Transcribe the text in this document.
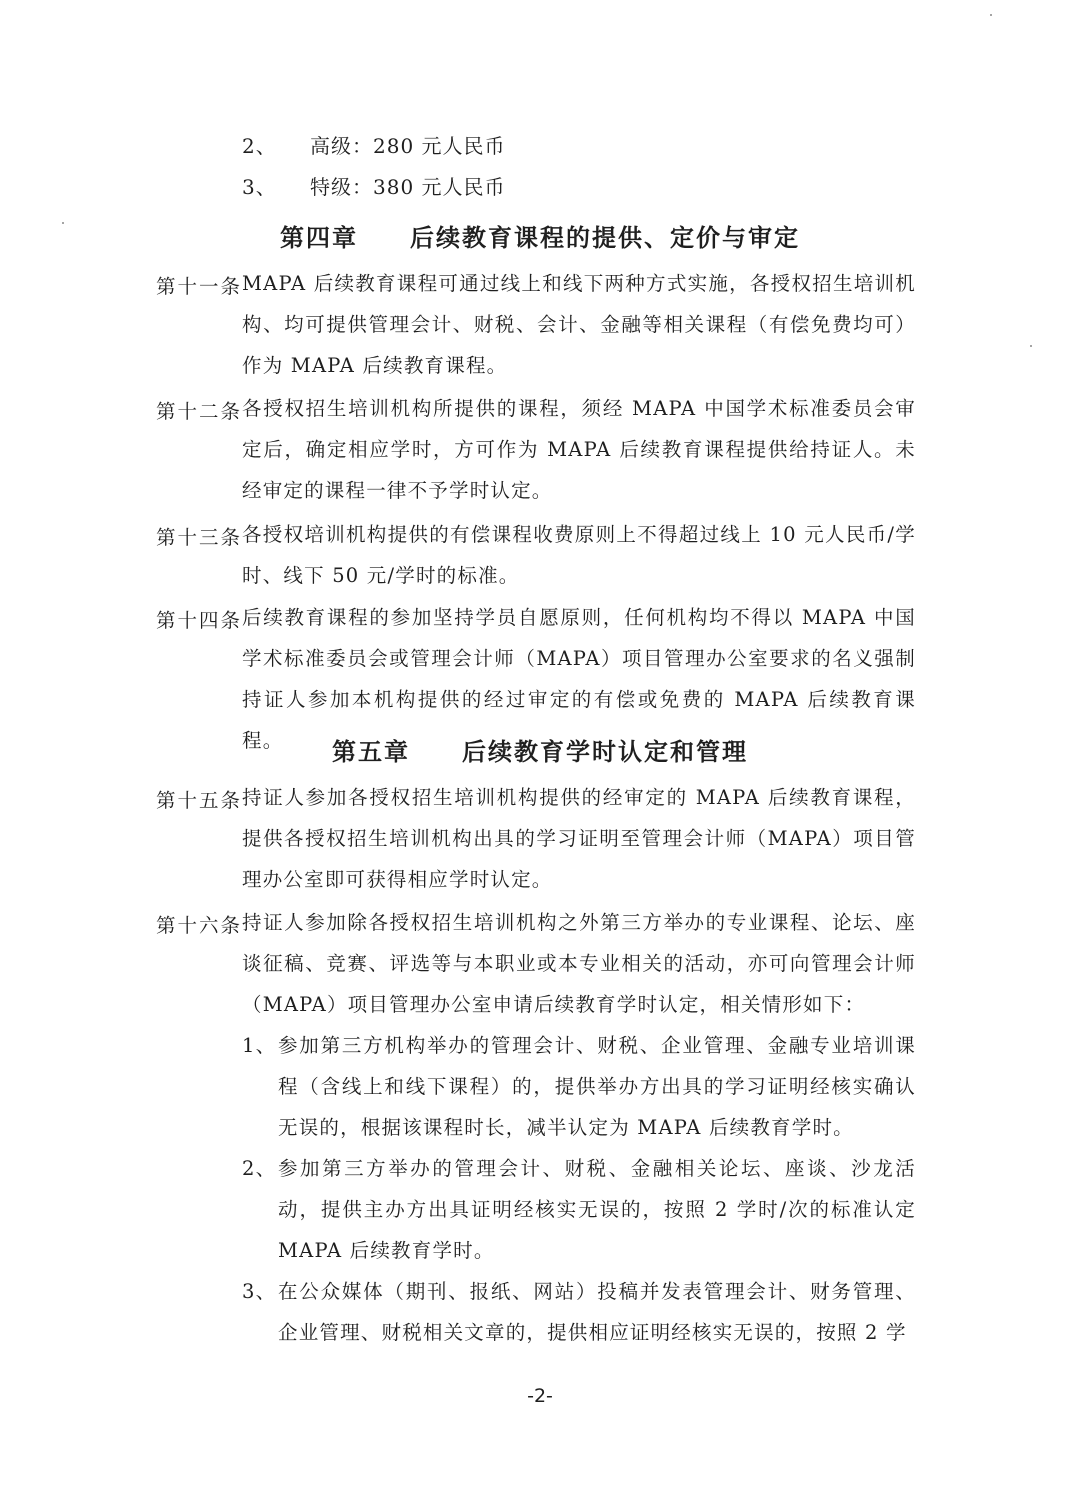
2、 高级：280 元人民币
3、 特级：380 元人民币
第四章　　后续教育课程的提供、定价与审定
第十一条 MAPA 后续教育课程可通过线上和线下两种方式实施，各授权招生培训机构、均可提供管理会计、财税、会计、金融等相关课程（有偿免费均可）作为 MAPA 后续教育课程。
第十二条 各授权招生培训机构所提供的课程，须经 MAPA 中国学术标准委员会审定后，确定相应学时，方可作为 MAPA 后续教育课程提供给持证人。未经审定的课程一律不予学时认定。
第十三条 各授权培训机构提供的有偿课程收费原则上不得超过线上 10 元人民币/学时、线下 50 元/学时的标准。
第十四条 后续教育课程的参加坚持学员自愿原则，任何机构均不得以 MAPA 中国学术标准委员会或管理会计师（MAPA）项目管理办公室要求的名义强制持证人参加本机构提供的经过审定的有偿或免费的 MAPA 后续教育课程。	第五章　　后续教育学时认定和管理
第十五条 持证人参加各授权招生培训机构提供的经审定的 MAPA 后续教育课程，提供各授权招生培训机构出具的学习证明至管理会计师（MAPA）项目管理办公室即可获得相应学时认定。
第十六条 持证人参加除各授权招生培训机构之外第三方举办的专业课程、论坛、座谈征稿、竞赛、评选等与本职业或本专业相关的活动，亦可向管理会计师（MAPA）项目管理办公室申请后续教育学时认定，相关情形如下：
1、 参加第三方机构举办的管理会计、财税、企业管理、金融专业培训课程（含线上和线下课程）的，提供举办方出具的学习证明经核实确认无误的，根据该课程时长，减半认定为 MAPA 后续教育学时。
2、 参加第三方举办的管理会计、财税、金融相关论坛、座谈、沙龙活动，提供主办方出具证明经核实无误的，按照 2 学时/次的标准认定 MAPA 后续教育学时。
3、 在公众媒体（期刊、报纸、网站）投稿并发表管理会计、财务管理、企业管理、财税相关文章的，提供相应证明经核实无误的，按照 2 学
-2-
